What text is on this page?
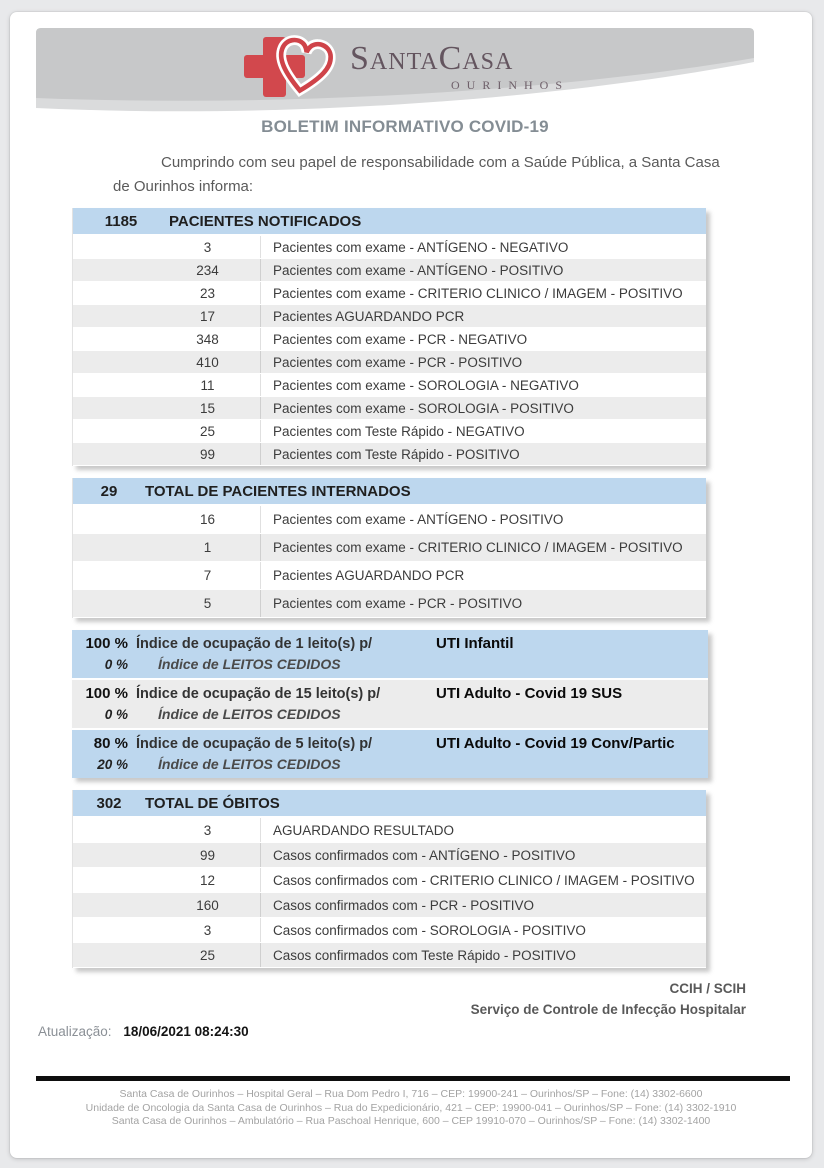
SantaCasa
OURINHOS
BOLETIM INFORMATIVO COVID-19
Cumprindo com seu papel de responsabilidade com a Saúde Pública, a Santa Casa de Ourinhos informa:
1185	PACIENTES NOTIFICADOS
3	Pacientes com exame - ANTÍGENO - NEGATIVO
234	Pacientes com exame - ANTÍGENO - POSITIVO
23	Pacientes com exame - CRITERIO CLINICO / IMAGEM - POSITIVO
17	Pacientes AGUARDANDO PCR
348	Pacientes com exame - PCR - NEGATIVO
410	Pacientes com exame - PCR - POSITIVO
11	Pacientes com exame - SOROLOGIA - NEGATIVO
15	Pacientes com exame - SOROLOGIA - POSITIVO
25	Pacientes com Teste Rápido - NEGATIVO
99	Pacientes com Teste Rápido - POSITIVO
29	TOTAL DE PACIENTES INTERNADOS
16	Pacientes com exame - ANTÍGENO - POSITIVO
1	Pacientes com exame - CRITERIO CLINICO / IMAGEM - POSITIVO
7	Pacientes AGUARDANDO PCR
5	Pacientes com exame - PCR - POSITIVO
100 % Índice de ocupação de 1 leito(s) p/	UTI Infantil
0 % Índice de LEITOS CEDIDOS
100 % Índice de ocupação de 15 leito(s) p/	UTI Adulto - Covid 19 SUS
0 % Índice de LEITOS CEDIDOS
80 % Índice de ocupação de 5 leito(s) p/	UTI Adulto - Covid 19 Conv/Partic
20 % Índice de LEITOS CEDIDOS
302	TOTAL DE ÓBITOS
3	AGUARDANDO RESULTADO
99	Casos confirmados com - ANTÍGENO - POSITIVO
12	Casos confirmados com - CRITERIO CLINICO / IMAGEM - POSITIVO
160	Casos confirmados com - PCR - POSITIVO
3	Casos confirmados com - SOROLOGIA - POSITIVO
25	Casos confirmados com Teste Rápido - POSITIVO
CCIH / SCIH
Serviço de Controle de Infecção Hospitalar
Atualização: 18/06/2021 08:24:30
Santa Casa de Ourinhos – Hospital Geral – Rua Dom Pedro I, 716 – CEP: 19900-241 – Ourinhos/SP – Fone: (14) 3302-6600
Unidade de Oncologia da Santa Casa de Ourinhos – Rua do Expedicionário, 421 – CEP: 19900-041 – Ourinhos/SP – Fone: (14) 3302-1910
Santa Casa de Ourinhos – Ambulatório – Rua Paschoal Henrique, 600 – CEP 19910-070 – Ourinhos/SP – Fone: (14) 3302-1400
